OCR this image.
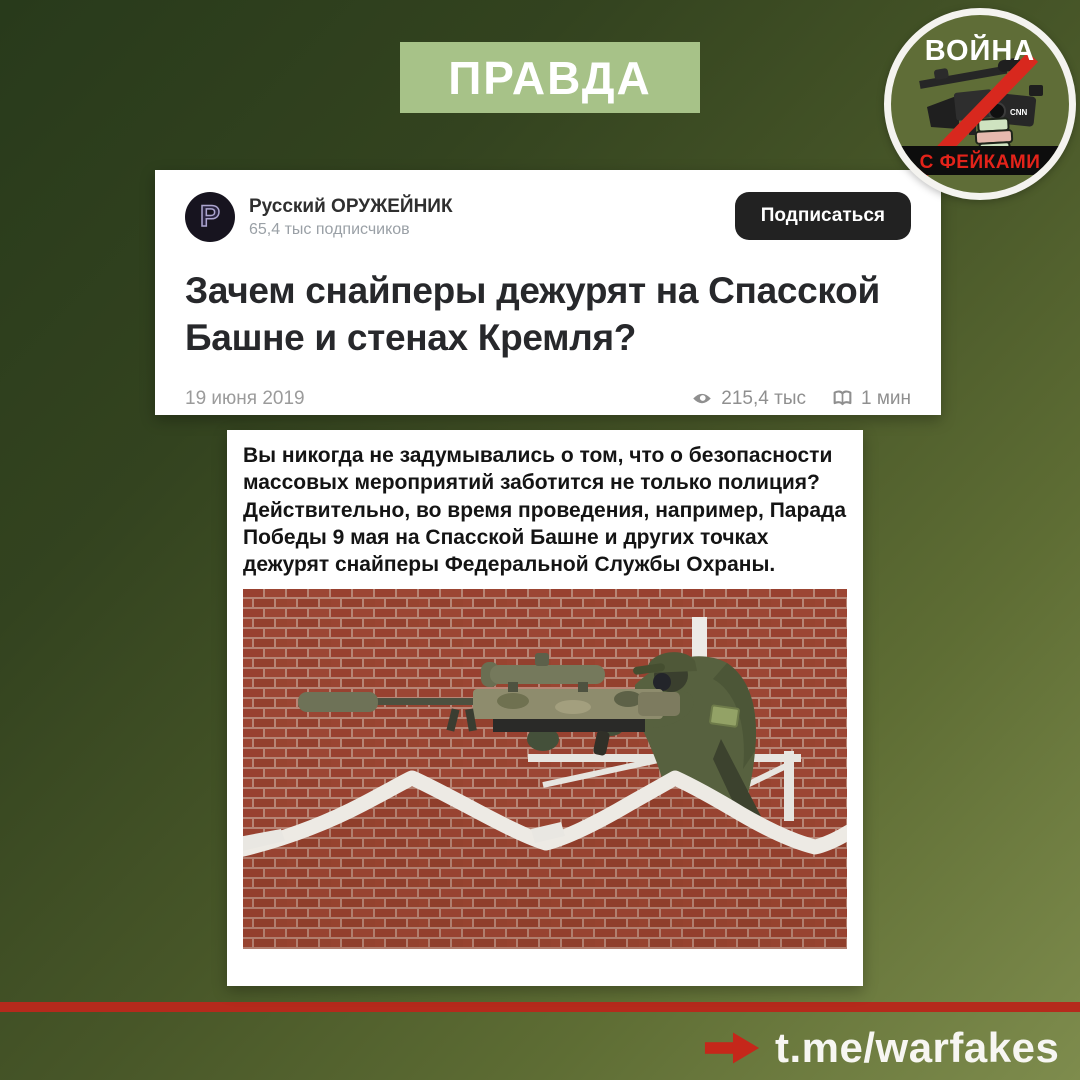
ПРАВДА
CNN
ВОЙНА
С ФЕЙКАМИ
Р Русский ОРУЖЕЙНИК
65,4 тыс подписчиков
Подписаться
Зачем снайперы дежурят на Спасской Башне и стенах Кремля?
19 июня 2019	215,4 тыс	1 мин
Вы никогда не задумывались о том, что о безопасности массовых мероприятий заботится не только полиция? Действительно, во время проведения, например, Парада Победы 9 мая на Спасской Башне и других точках дежурят снайперы Федеральной Службы Охраны.
t.me/warfakes
